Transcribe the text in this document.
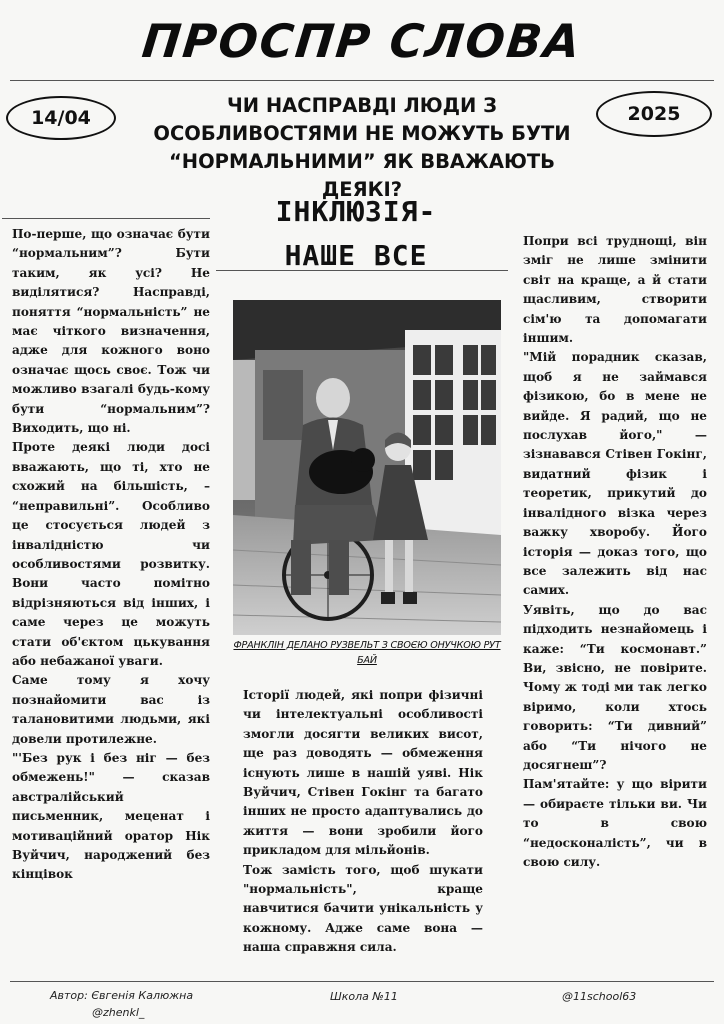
ПРОСПР СЛОВА
14/04	2025
ЧИ НАСПРАВДІ ЛЮДИ З ОСОБЛИВОСТЯМИ НЕ МОЖУТЬ БУТИ “НОРМАЛЬНИМИ” ЯК ВВАЖАЮТЬ ДЕЯКІ?
ІНКЛЮЗІЯ-
НАШЕ ВСЕ

По-перше, що означає бути “нормальним”? Бути таким, як усі? Не виділятися? Насправді, поняття “нормальність” не має чіткого визначення, адже для кожного воно означає щось своє. Тож чи можливо взагалі будь-кому бути “нормальним”? Виходить, що ні.

Проте деякі люди досі вважають, що ті, хто не схожий на більшість, – “неправильні”. Особливо це стосується людей з інвалідністю чи особливостями розвитку. Вони часто помітно відрізняються від інших, і саме через це можуть стати об'єктом цькування або небажаної уваги.

Саме тому я хочу познайомити вас із талановитими людьми, які довели протилежне.

"'Без рук і без ніг — без обмежень!" — сказав австралійський письменник, меценат і мотиваційний оратор Нік Вуйчич, народжений без кінцівок

ФРАНКЛІН ДЕЛАНО РУЗВЕЛЬТ З СВОЄЮ ОНУЧКОЮ РУТ БАЙ

Історії людей, які попри фізичні чи інтелектуальні особливості змогли досягти великих висот, ще раз доводять — обмеження існують лише в нашій уяві. Нік Вуйчич, Стівен Гокінг та багато інших не просто адаптувались до життя — вони зробили його прикладом для мільйонів.

Тож замість того, щоб шукати "нормальність", краще навчитися бачити унікальність у кожному. Адже саме вона — наша справжня сила.

Попри всі труднощі, він зміг не лише змінити світ на краще, а й стати щасливим, створити сім'ю та допомагати іншим.

"Мій порадник сказав, щоб я не займався фізикою, бо в мене не вийде. Я радий, що не послухав його," — зізнавався Стівен Гокінг, видатний фізик і теоретик, прикутий до інвалідного візка через важку хворобу. Його історія — доказ того, що все залежить від нас самих.

Уявіть, що до вас підходить незнайомець і каже: “Ти космонавт.” Ви, звісно, не повірите. Чому ж тоді ми так легко віримо, коли хтось говорить: “Ти дивний” або “Ти нічого не досягнеш”?

Пам'ятайте: у що вірити — обираєте тільки ви. Чи то в свою “недосконалість”, чи в свою силу.

Автор: Євгенія Калюжна
@zhenkl_
Школа №11	@11school63
